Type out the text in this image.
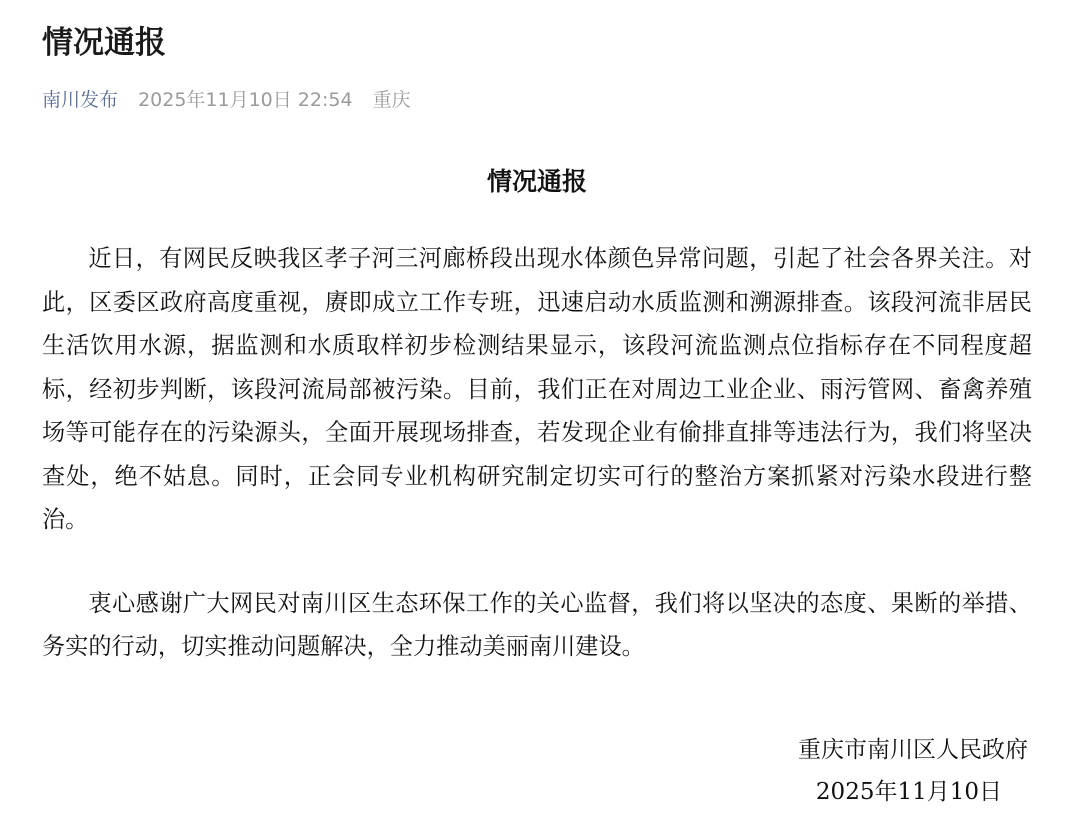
情况通报
南川发布 2025年11月10日 22:54 重庆
情况通报

近日，有网民反映我区孝子河三河廊桥段出现水体颜色异常问题，引起了社会各界关注。对此，区委区政府高度重视，赓即成立工作专班，迅速启动水质监测和溯源排查。该段河流非居民生活饮用水源，据监测和水质取样初步检测结果显示，该段河流监测点位指标存在不同程度超标，经初步判断，该段河流局部被污染。目前，我们正在对周边工业企业、雨污管网、畜禽养殖场等可能存在的污染源头，全面开展现场排查，若发现企业有偷排直排等违法行为，我们将坚决查处，绝不姑息。同时，正会同专业机构研究制定切实可行的整治方案抓紧对污染水段进行整治。

衷心感谢广大网民对南川区生态环保工作的关心监督，我们将以坚决的态度、果断的举措、务实的行动，切实推动问题解决，全力推动美丽南川建设。

重庆市南川区人民政府
2025年11月10日
